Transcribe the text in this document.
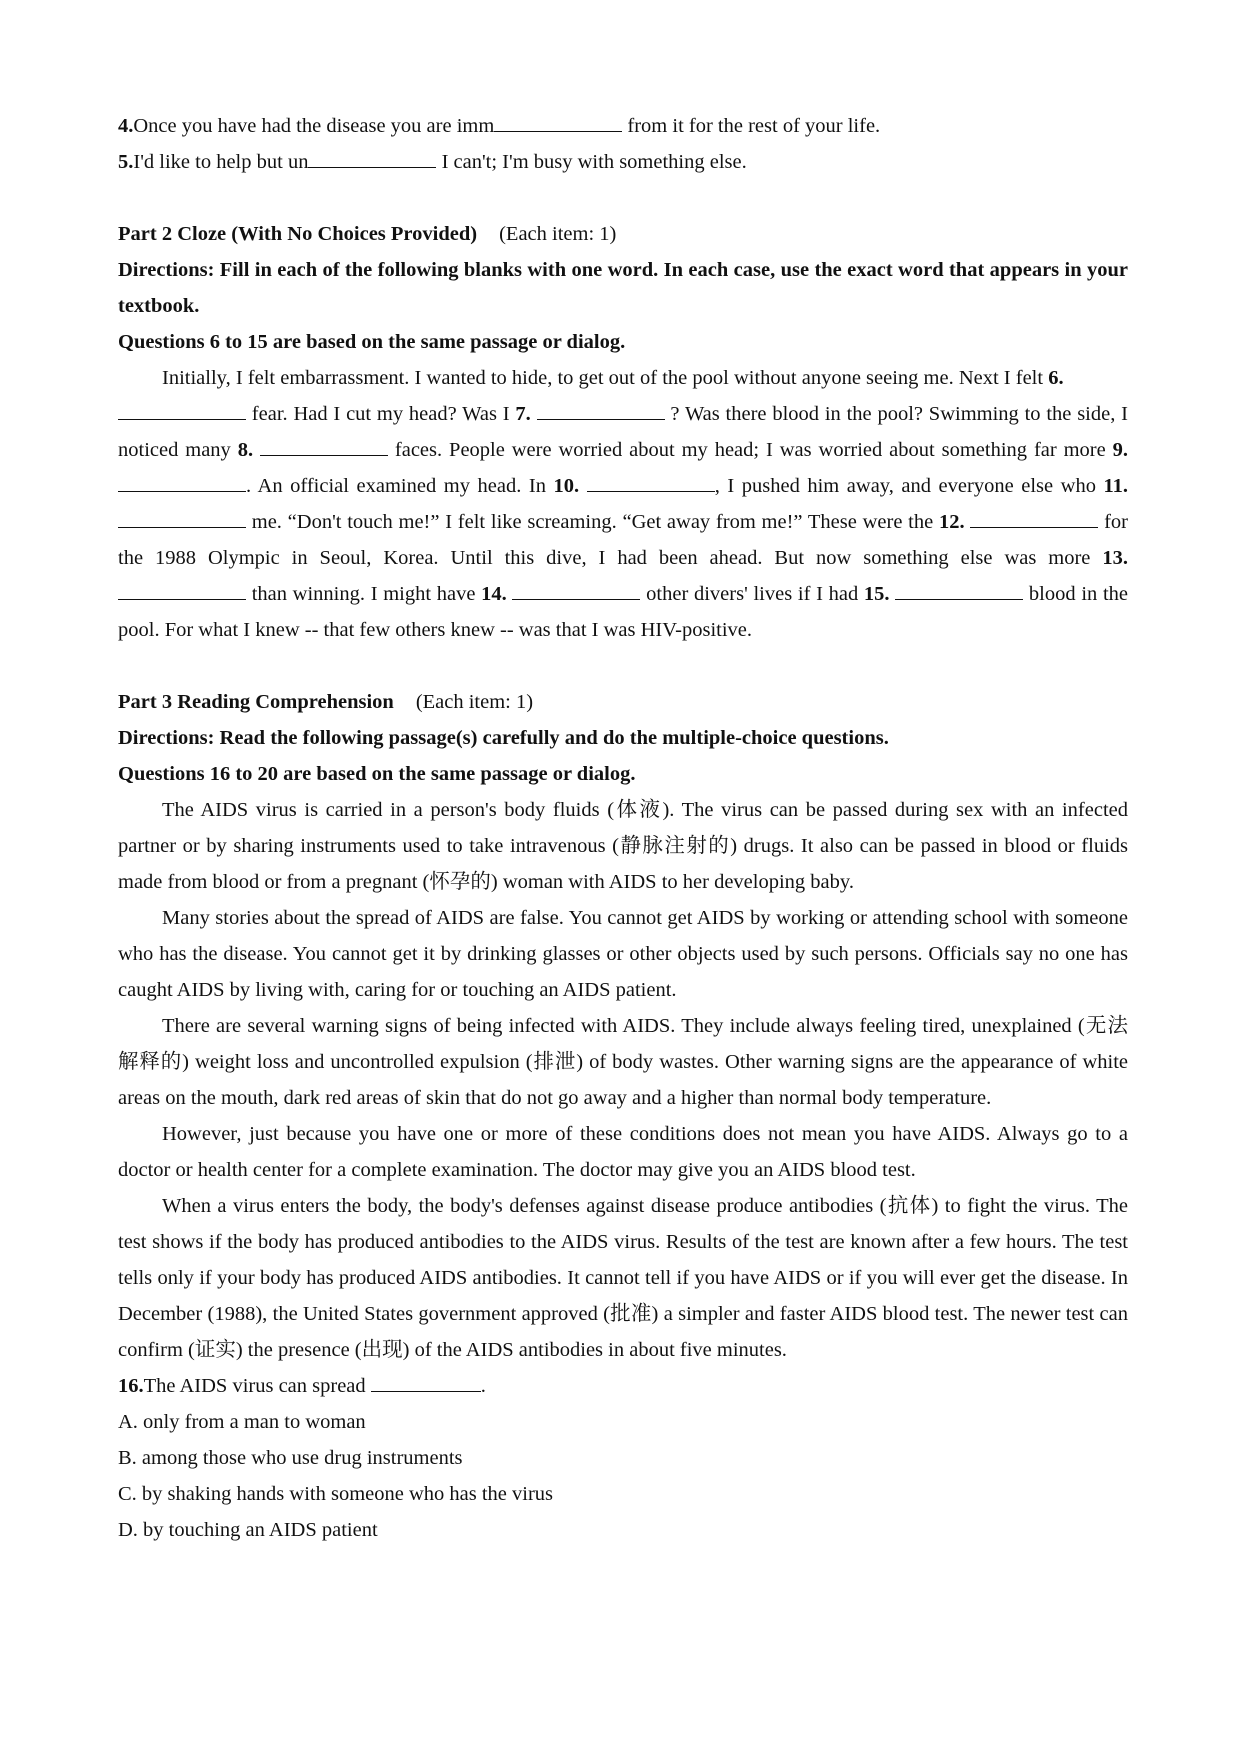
4.Once you have had the disease you are imm	from it for the rest of your life.

5.I'd like to help but un	I can't; I'm busy with something else.

Part 2 Cloze (With No Choices Provided) (Each item: 1)

Directions: Fill in each of the following blanks with one word. In each case, use the exact word that appears in your textbook.

Questions 6 to 15 are based on the same passage or dialog.

Initially, I felt embarrassment. I wanted to hide, to get out of the pool without anyone seeing me. Next I felt 6.
fear. Had I cut my head? Was I 7.	? Was there blood in the pool? Swimming to the side, I noticed many 8.	faces. People were worried about my head; I was worried about something far more 9. . An official examined my head. In 10.	, I pushed him away, and everyone else who 11.  me. “Don't touch me!” I felt like screaming. “Get away from me!” These were the 12.	for the 1988 Olympic in Seoul, Korea. Until this dive, I had been ahead. But now something else was more 13.  than winning. I might have 14.	other divers' lives if I had 15.	blood in the pool. For what I knew -- that few others knew -- was that I was HIV-positive.

Part 3 Reading Comprehension (Each item: 1)

Directions: Read the following passage(s) carefully and do the multiple-choice questions.

Questions 16 to 20 are based on the same passage or dialog.

The AIDS virus is carried in a person's body fluids (体液). The virus can be passed during sex with an infected partner or by sharing instruments used to take intravenous (静脉注射的) drugs. It also can be passed in blood or fluids made from blood or from a pregnant (怀孕的) woman with AIDS to her developing baby.

Many stories about the spread of AIDS are false. You cannot get AIDS by working or attending school with someone who has the disease. You cannot get it by drinking glasses or other objects used by such persons. Officials say no one has caught AIDS by living with, caring for or touching an AIDS patient.

There are several warning signs of being infected with AIDS. They include always feeling tired, unexplained (无法解释的) weight loss and uncontrolled expulsion (排泄) of body wastes. Other warning signs are the appearance of white areas on the mouth, dark red areas of skin that do not go away and a higher than normal body temperature.

However, just because you have one or more of these conditions does not mean you have AIDS. Always go to a doctor or health center for a complete examination. The doctor may give you an AIDS blood test.

When a virus enters the body, the body's defenses against disease produce antibodies (抗体) to fight the virus. The test shows if the body has produced antibodies to the AIDS virus. Results of the test are known after a few hours. The test tells only if your body has produced AIDS antibodies. It cannot tell if you have AIDS or if you will ever get the disease. In December (1988), the United States government approved (批准) a simpler and faster AIDS blood test. The newer test can confirm (证实) the presence (出现) of the AIDS antibodies in about five minutes.

16.The AIDS virus can spread	.

A. only from a man to woman

B. among those who use drug instruments

C. by shaking hands with someone who has the virus

D. by touching an AIDS patient
